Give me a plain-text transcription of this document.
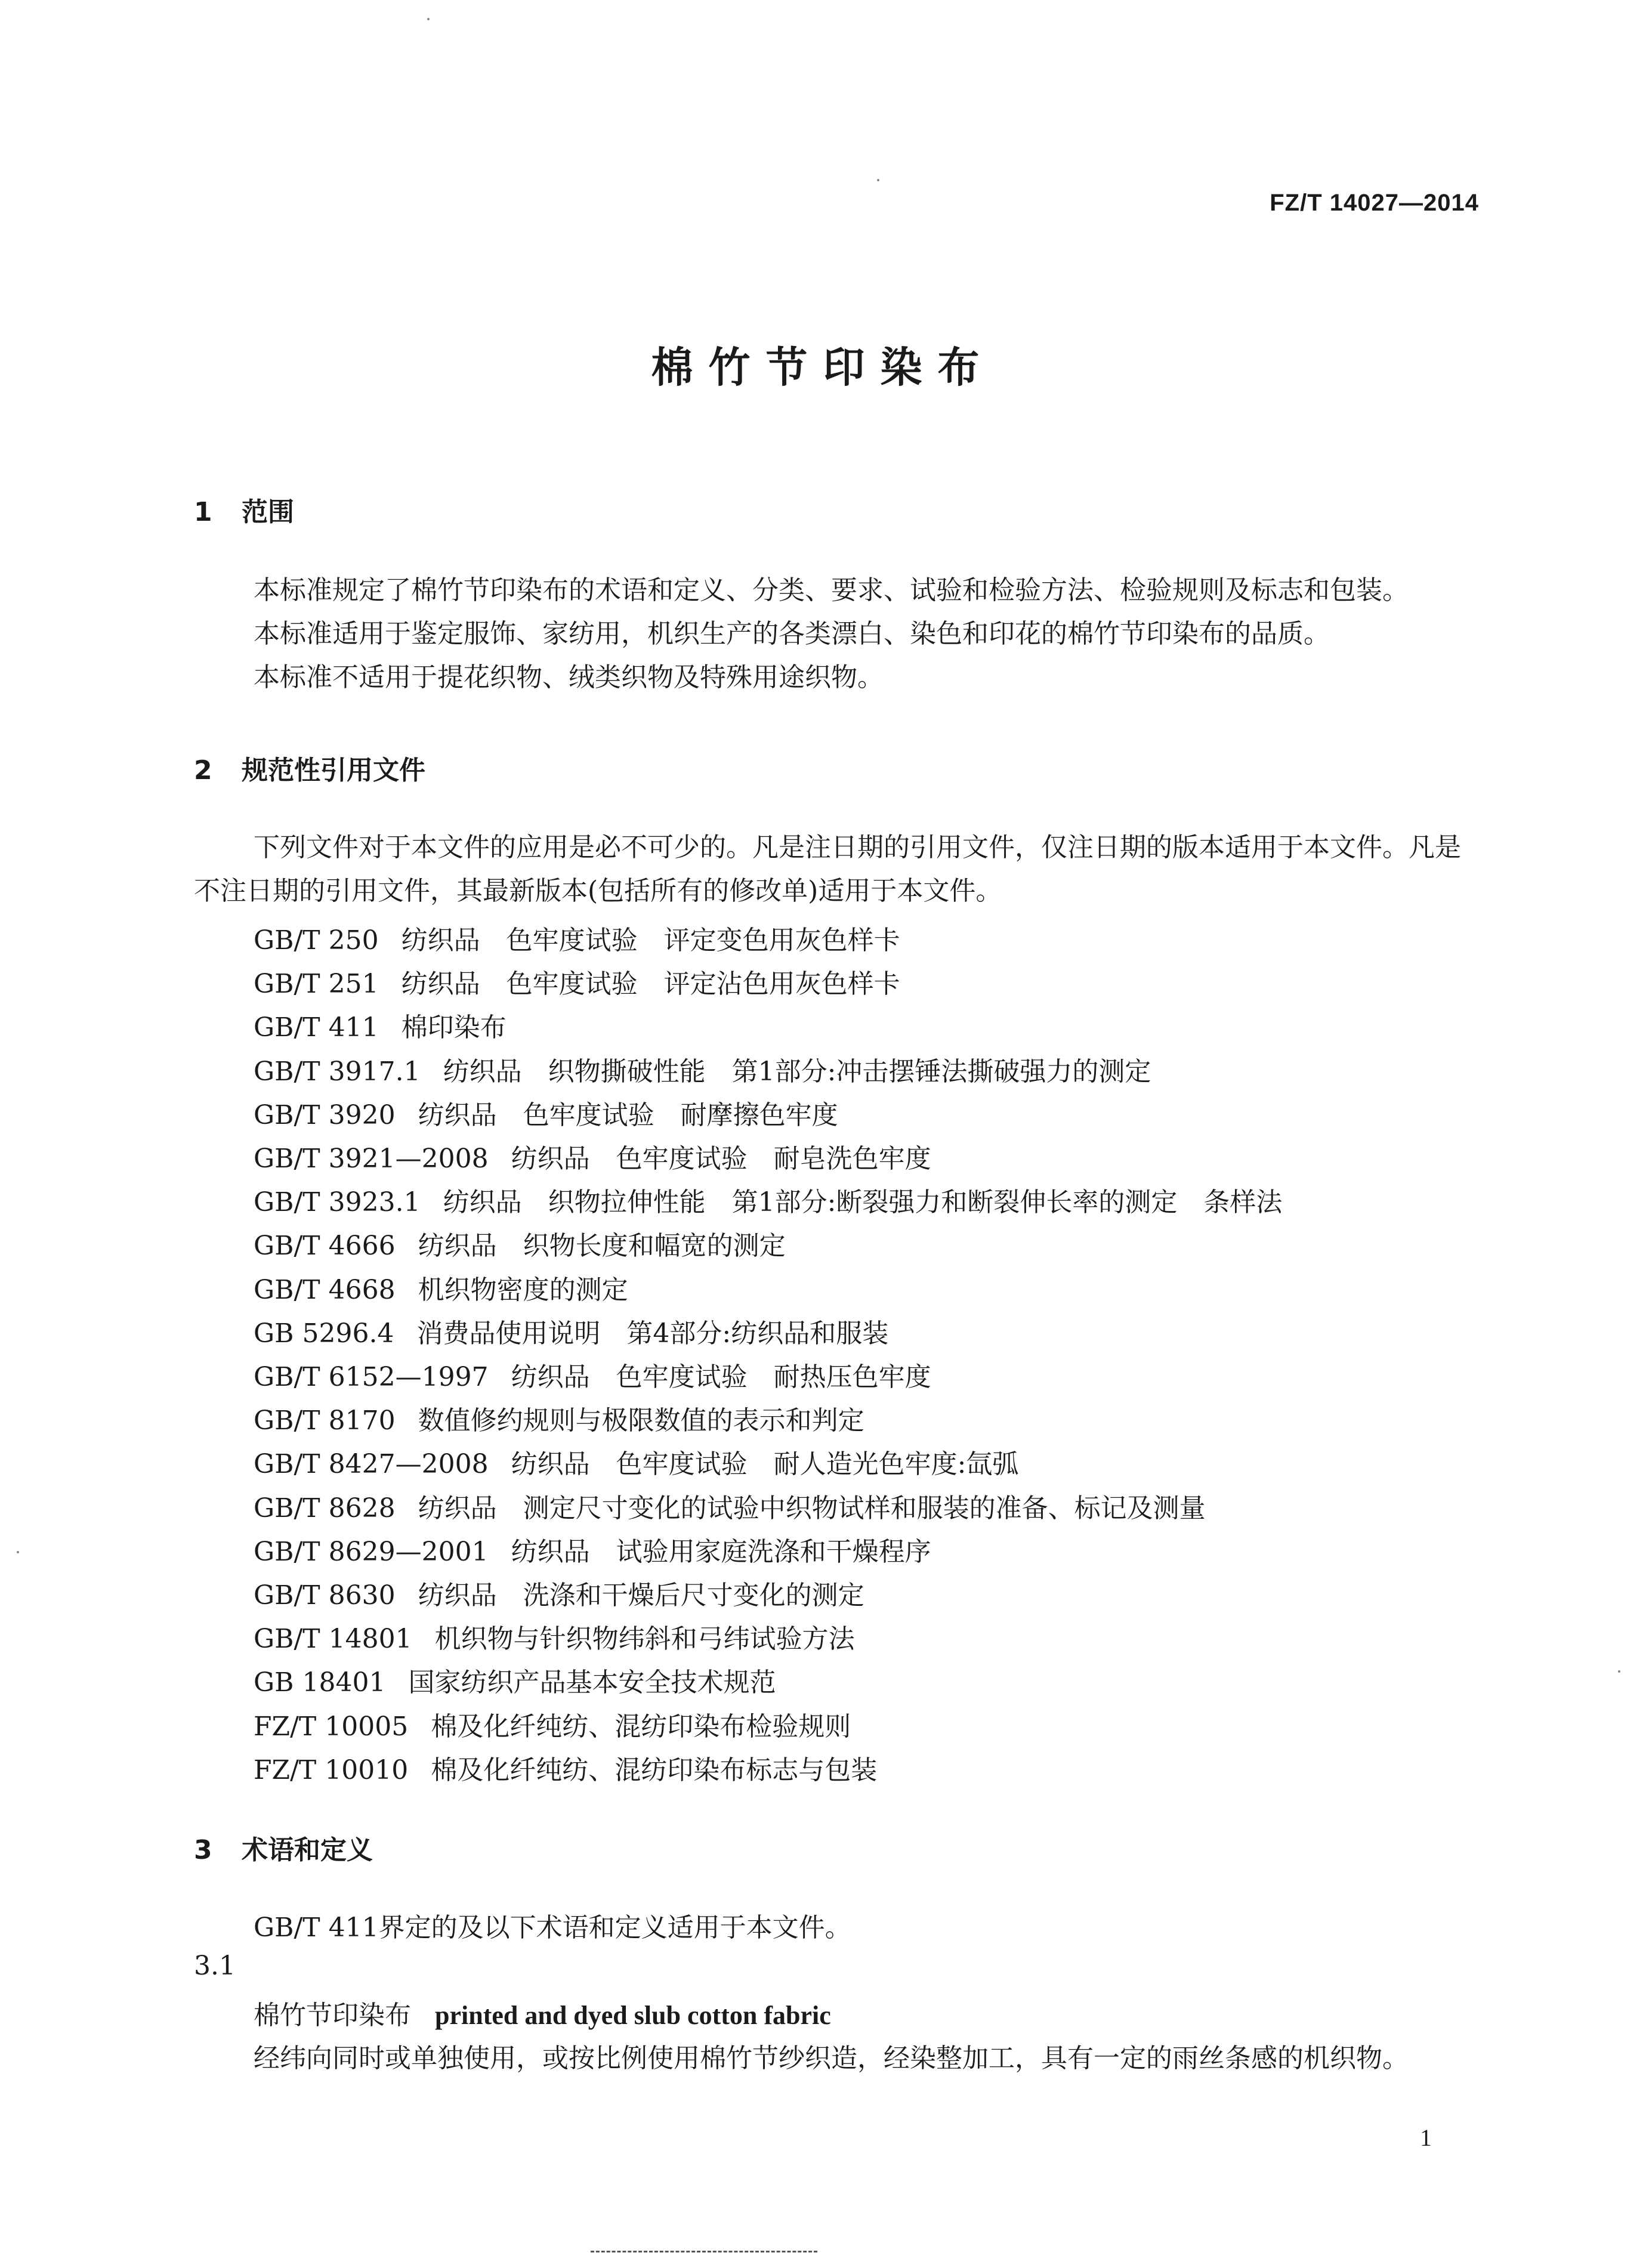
FZ/T 14027—2014
棉竹节印染布
1 范围
本标准规定了棉竹节印染布的术语和定义、分类、要求、试验和检验方法、检验规则及标志和包装。
本标准适用于鉴定服饰、家纺用，机织生产的各类漂白、染色和印花的棉竹节印染布的品质。
本标准不适用于提花织物、绒类织物及特殊用途织物。
2 规范性引用文件
下列文件对于本文件的应用是必不可少的。凡是注日期的引用文件，仅注日期的版本适用于本文件。凡是不注日期的引用文件，其最新版本(包括所有的修改单)适用于本文件。
GB/T 250 纺织品　色牢度试验　评定变色用灰色样卡
GB/T 251 纺织品　色牢度试验　评定沾色用灰色样卡
GB/T 411 棉印染布
GB/T 3917.1 纺织品　织物撕破性能　第1部分:冲击摆锤法撕破强力的测定
GB/T 3920 纺织品　色牢度试验　耐摩擦色牢度
GB/T 3921—2008 纺织品　色牢度试验　耐皂洗色牢度
GB/T 3923.1 纺织品　织物拉伸性能　第1部分:断裂强力和断裂伸长率的测定　条样法
GB/T 4666 纺织品　织物长度和幅宽的测定
GB/T 4668 机织物密度的测定
GB 5296.4 消费品使用说明　第4部分:纺织品和服装
GB/T 6152—1997 纺织品　色牢度试验　耐热压色牢度
GB/T 8170 数值修约规则与极限数值的表示和判定
GB/T 8427—2008 纺织品　色牢度试验　耐人造光色牢度:氙弧
GB/T 8628 纺织品　测定尺寸变化的试验中织物试样和服装的准备、标记及测量
GB/T 8629—2001 纺织品　试验用家庭洗涤和干燥程序
GB/T 8630 纺织品　洗涤和干燥后尺寸变化的测定
GB/T 14801 机织物与针织物纬斜和弓纬试验方法
GB 18401 国家纺织产品基本安全技术规范
FZ/T 10005 棉及化纤纯纺、混纺印染布检验规则
FZ/T 10010 棉及化纤纯纺、混纺印染布标志与包装
3 术语和定义
GB/T 411界定的及以下术语和定义适用于本文件。
3.1
棉竹节印染布 printed and dyed slub cotton fabric
经纬向同时或单独使用，或按比例使用棉竹节纱织造，经染整加工，具有一定的雨丝条感的机织物。
1
